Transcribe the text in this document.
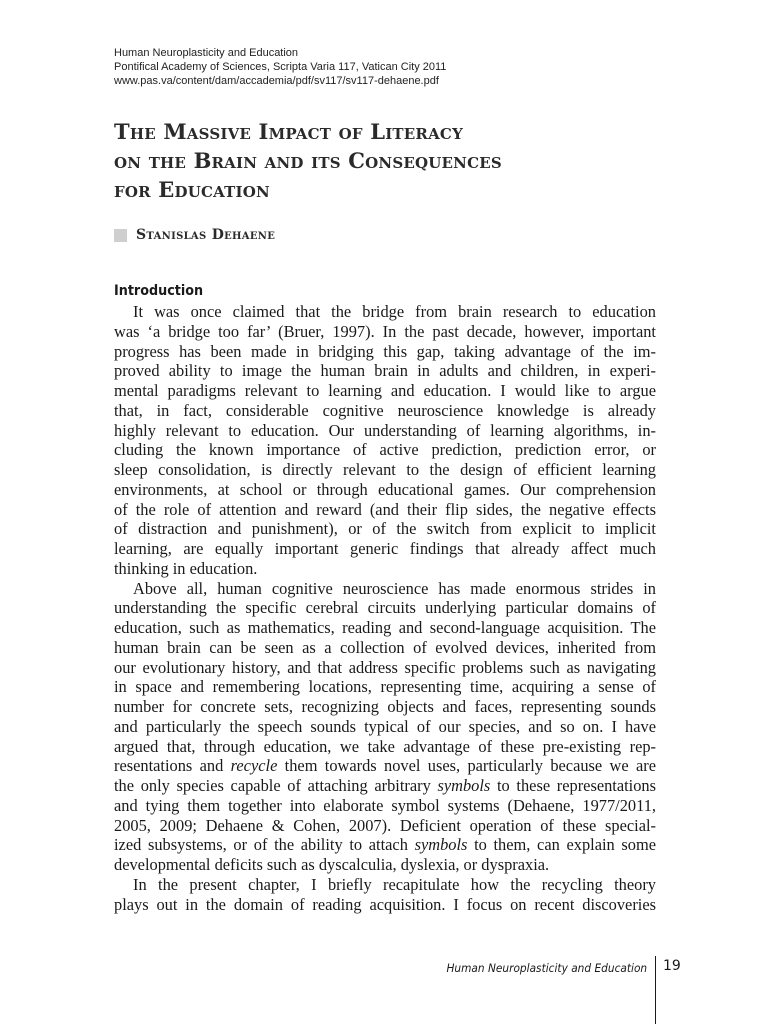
Human Neuroplasticity and Education
Pontifical Academy of Sciences, Scripta Varia 117, Vatican City 2011
www.pas.va/content/dam/accademia/pdf/sv117/sv117-dehaene.pdf
The Massive Impact of Literacy
on the Brain and its Consequences
for Education
Stanislas Dehaene
Introduction
It was once claimed that the bridge from brain research to education
was ‘a bridge too far’ (Bruer, 1997). In the past decade, however, important
progress has been made in bridging this gap, taking advantage of the im-
proved ability to image the human brain in adults and children, in experi-
mental paradigms relevant to learning and education. I would like to argue
that, in fact, considerable cognitive neuroscience knowledge is already
highly relevant to education. Our understanding of learning algorithms, in-
cluding the known importance of active prediction, prediction error, or
sleep consolidation, is directly relevant to the design of efficient learning
environments, at school or through educational games. Our comprehension
of the role of attention and reward (and their flip sides, the negative effects
of distraction and punishment), or of the switch from explicit to implicit
learning, are equally important generic findings that already affect much
thinking in education.
Above all, human cognitive neuroscience has made enormous strides in
understanding the specific cerebral circuits underlying particular domains of
education, such as mathematics, reading and second-language acquisition. The
human brain can be seen as a collection of evolved devices, inherited from
our evolutionary history, and that address specific problems such as navigating
in space and remembering locations, representing time, acquiring a sense of
number for concrete sets, recognizing objects and faces, representing sounds
and particularly the speech sounds typical of our species, and so on. I have
argued that, through education, we take advantage of these pre-existing rep-
resentations and recycle them towards novel uses, particularly because we are
the only species capable of attaching arbitrary symbols to these representations
and tying them together into elaborate symbol systems (Dehaene, 1977/2011,
2005, 2009; Dehaene & Cohen, 2007). Deficient operation of these special-
ized subsystems, or of the ability to attach symbols to them, can explain some
developmental deficits such as dyscalculia, dyslexia, or dyspraxia.
In the present chapter, I briefly recapitulate how the recycling theory
plays out in the domain of reading acquisition. I focus on recent discoveries
Human Neuroplasticity and Education 19
